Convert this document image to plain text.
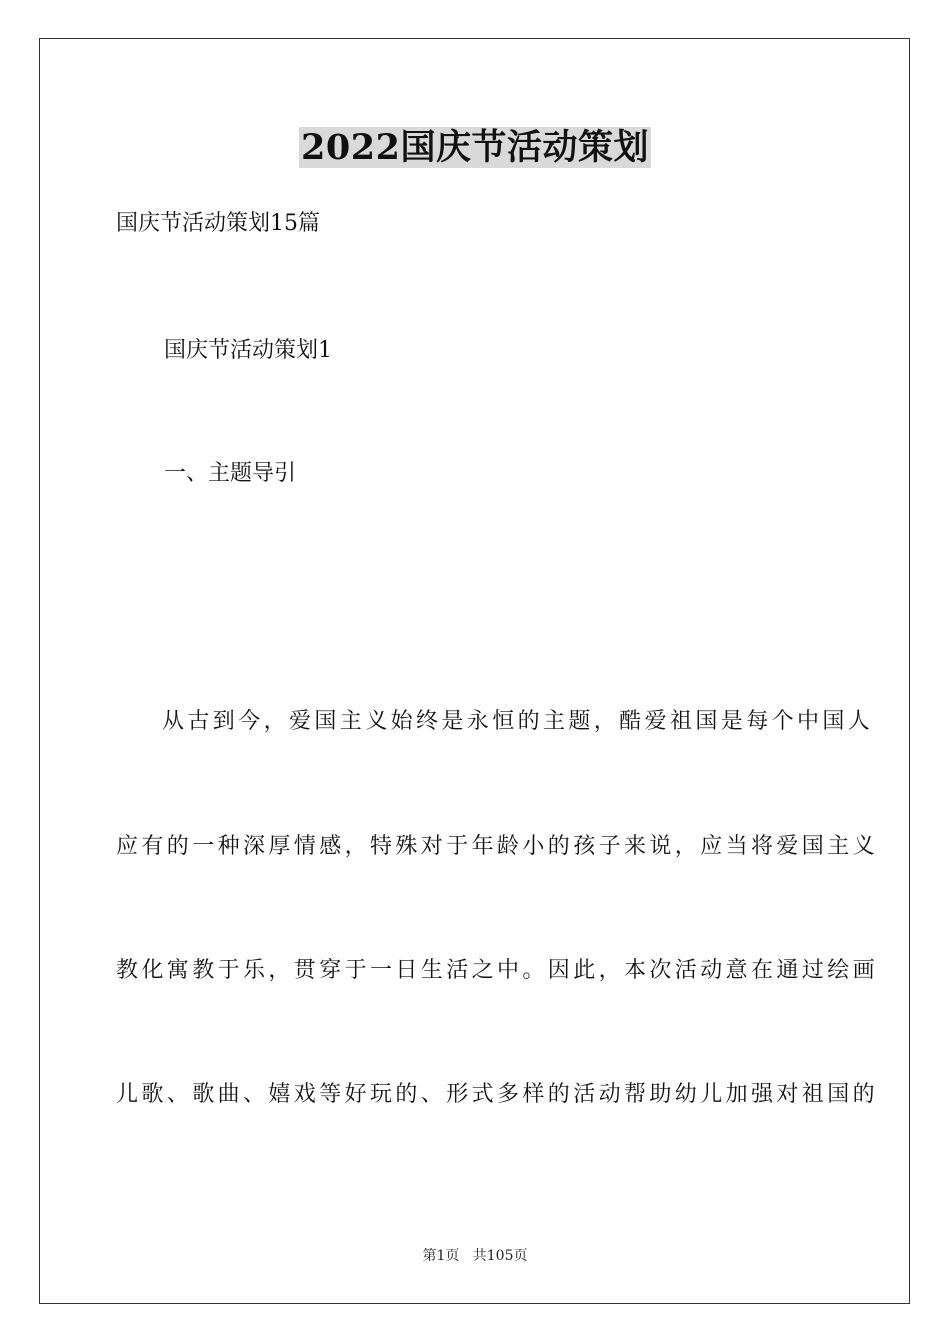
2022国庆节活动策划
国庆节活动策划15篇
国庆节活动策划1
一、主题导引
从古到今，爱国主义始终是永恒的主题，酷爱祖国是每个中国人
应有的一种深厚情感，特殊对于年龄小的孩子来说，应当将爱国主义
教化寓教于乐，贯穿于一日生活之中。因此，本次活动意在通过绘画
儿歌、歌曲、嬉戏等好玩的、形式多样的活动帮助幼儿加强对祖国的
第1页   共105页
